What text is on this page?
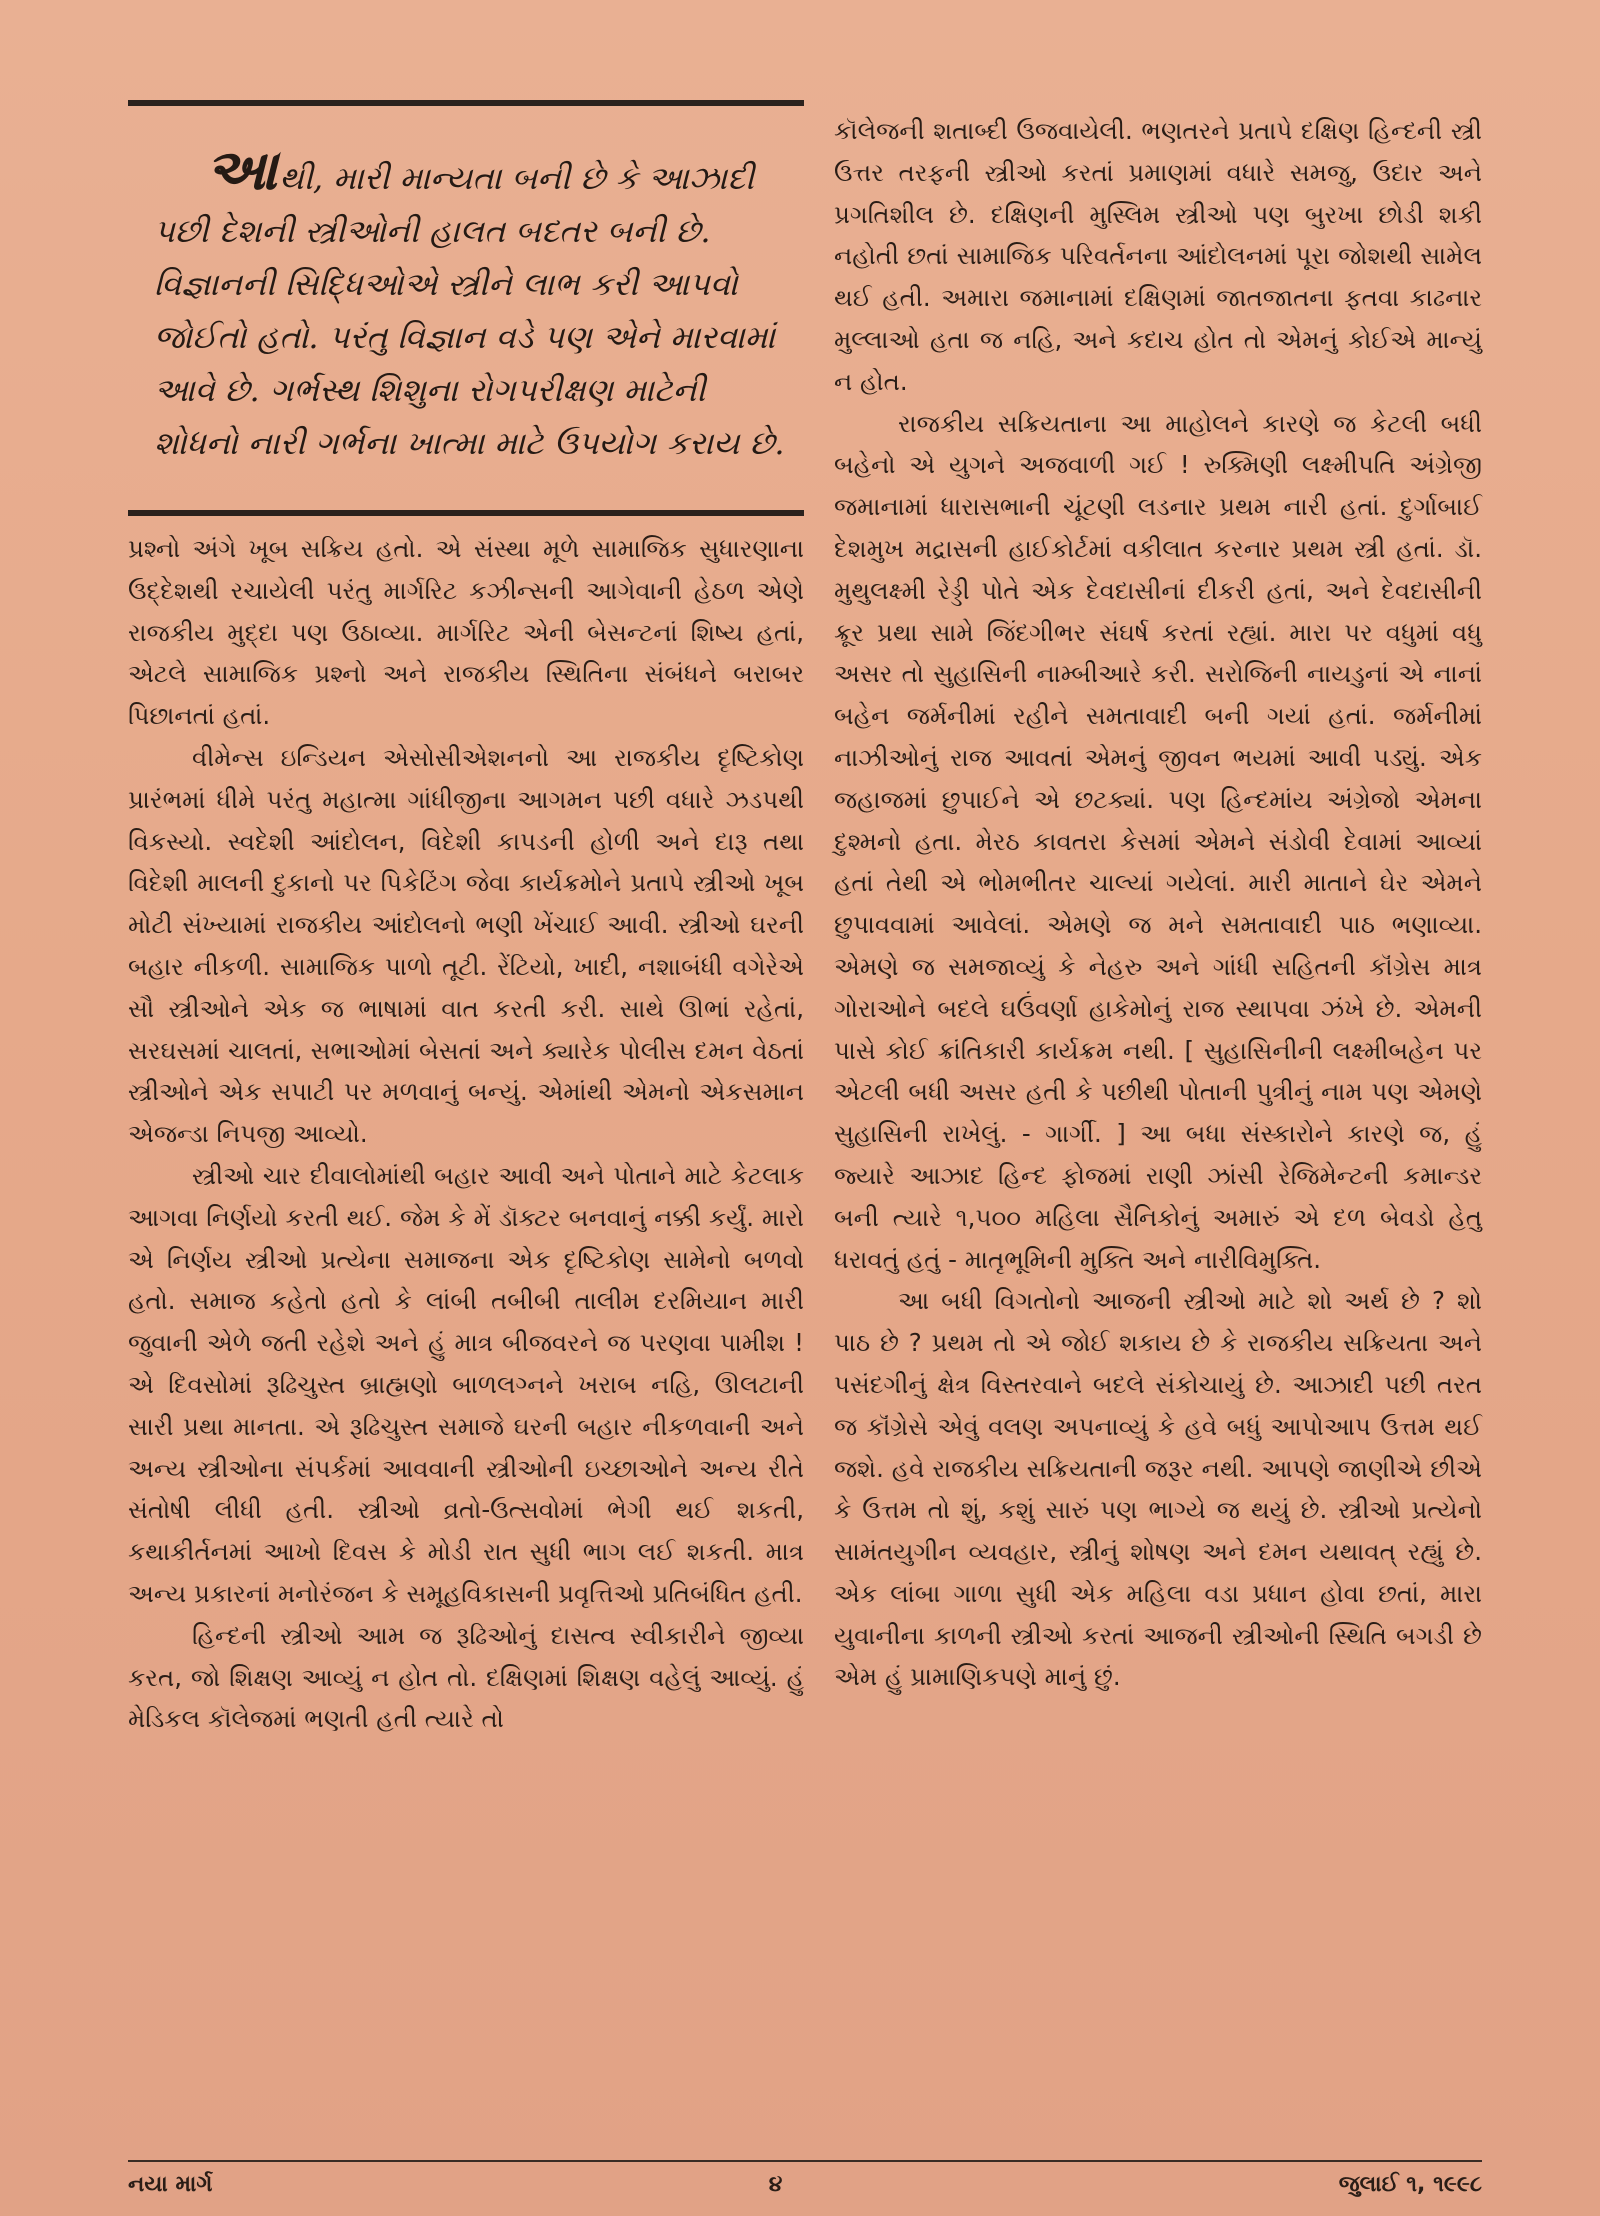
આથી, મારી માન્યતા બની છે કે આઝાદી પછી દેશની સ્ત્રીઓની હાલત બદતર બની છે. વિજ્ઞાનની સિદ્ધિઓએ સ્ત્રીને લાભ કરી આપવો જોઈતો હતો. પરંતુ વિજ્ઞાન વડે પણ એને મારવામાં આવે છે. ગર્ભસ્થ શિશુના રોગપરીક્ષણ માટેની શોધનો નારી ગર્ભના ખાત્મા માટે ઉપયોગ કરાય છે.

પ્રશ્નો અંગે ખૂબ સક્રિય હતો. એ સંસ્થા મૂળે સામાજિક સુધારણાના ઉદ્દેશથી રચાયેલી પરંતુ માર્ગરિટ કઝીન્સની આગેવાની હેઠળ એણે રાજકીય મુદ્દા પણ ઉઠાવ્યા. માર્ગરિટ એની બેસન્ટનાં શિષ્ય હતાં, એટલે સામાજિક પ્રશ્નો અને રાજકીય સ્થિતિના સંબંધને બરાબર પિછાનતાં હતાં.

વીમેન્સ ઇન્ડિયન એસોસીએશનનો આ રાજકીય દૃષ્ટિકોણ પ્રારંભમાં ધીમે પરંતુ મહાત્મા ગાંધીજીના આગમન પછી વધારે ઝડપથી વિકસ્યો. સ્વદેશી આંદોલન, વિદેશી કાપડની હોળી અને દારૂ તથા વિદેશી માલની દુકાનો પર પિકેટિંગ જેવા કાર્યક્રમોને પ્રતાપે સ્ત્રીઓ ખૂબ મોટી સંખ્યામાં રાજકીય આંદોલનો ભણી ખેંચાઈ આવી. સ્ત્રીઓ ઘરની બહાર નીકળી. સામાજિક પાળો તૂટી. રેંટિયો, ખાદી, નશાબંધી વગેરેએ સૌ સ્ત્રીઓને એક જ ભાષામાં વાત કરતી કરી. સાથે ઊભાં રહેતાં, સરઘસમાં ચાલતાં, સભાઓમાં બેસતાં અને ક્યારેક પોલીસ દમન વેઠતાં સ્ત્રીઓને એક સપાટી પર મળવાનું બન્યું. એમાંથી એમનો એકસમાન એજન્ડા નિપજી આવ્યો.

સ્ત્રીઓ ચાર દીવાલોમાંથી બહાર આવી અને પોતાને માટે કેટલાક આગવા નિર્ણયો કરતી થઈ. જેમ કે મેં ડૉક્ટર બનવાનું નક્કી કર્યું. મારો એ નિર્ણય સ્ત્રીઓ પ્રત્યેના સમાજના એક દૃષ્ટિકોણ સામેનો બળવો હતો. સમાજ કહેતો હતો કે લાંબી તબીબી તાલીમ દરમિયાન મારી જુવાની એળે જતી રહેશે અને હું માત્ર બીજવરને જ પરણવા પામીશ ! એ દિવસોમાં રૂઢિચુસ્ત બ્રાહ્મણો બાળલગ્નને ખરાબ નહિ, ઊલટાની સારી પ્રથા માનતા. એ રૂઢિચુસ્ત સમાજે ઘરની બહાર નીકળવાની અને અન્ય સ્ત્રીઓના સંપર્કમાં આવવાની સ્ત્રીઓની ઇચ્છાઓને અન્ય રીતે સંતોષી લીધી હતી. સ્ત્રીઓ વ્રતો-ઉત્સવોમાં ભેગી થઈ શકતી, કથાકીર્તનમાં આખો દિવસ કે મોડી રાત સુધી ભાગ લઈ શકતી. માત્ર અન્ય પ્રકારનાં મનોરંજન કે સમૂહવિકાસની પ્રવૃત્તિઓ પ્રતિબંધિત હતી.

હિન્દની સ્ત્રીઓ આમ જ રૂઢિઓનું દાસત્વ સ્વીકારીને જીવ્યા કરત, જો શિક્ષણ આવ્યું ન હોત તો. દક્ષિણમાં શિક્ષણ વહેલું આવ્યું. હું મેડિકલ કૉલેજમાં ભણતી હતી ત્યારે તો

કૉલેજની શતાબ્દી ઉજવાયેલી. ભણતરને પ્રતાપે દક્ષિણ હિન્દની સ્ત્રી ઉત્તર તરફની સ્ત્રીઓ કરતાં પ્રમાણમાં વધારે સમજુ, ઉદાર અને પ્રગતિશીલ છે. દક્ષિણની મુસ્લિમ સ્ત્રીઓ પણ બુરખા છોડી શકી નહોતી છતાં સામાજિક પરિવર્તનના આંદોલનમાં પૂરા જોશથી સામેલ થઈ હતી. અમારા જમાનામાં દક્ષિણમાં જાતજાતના ફતવા કાઢનાર મુલ્લાઓ હતા જ નહિ, અને કદાચ હોત તો એમનું કોઈએ માન્યું ન હોત.

રાજકીય સક્રિયતાના આ માહોલને કારણે જ કેટલી બધી બહેનો એ યુગને અજવાળી ગઈ ! રુક્મિણી લક્ષ્મીપતિ અંગ્રેજી જમાનામાં ધારાસભાની ચૂંટણી લડનાર પ્રથમ નારી હતાં. દુર્ગાબાઈ દેશમુખ મદ્રાસની હાઈકોર્ટમાં વકીલાત કરનાર પ્રથમ સ્ત્રી હતાં. ડૉ. મુથુલક્ષ્મી રેડ્ડી પોતે એક દેવદાસીનાં દીકરી હતાં, અને દેવદાસીની ક્રૂર પ્રથા સામે જિંદગીભર સંઘર્ષ કરતાં રહ્યાં. મારા પર વધુમાં વધુ અસર તો સુહાસિની નામ્બીઆરે કરી. સરોજિની નાયડુનાં એ નાનાં બહેન જર્મનીમાં રહીને સમતાવાદી બની ગયાં હતાં. જર્મનીમાં નાઝીઓનું રાજ આવતાં એમનું જીવન ભયમાં આવી પડ્યું. એક જહાજમાં છુપાઈને એ છટક્યાં. પણ હિન્દમાંય અંગ્રેજો એમના દુશ્મનો હતા. મેરઠ કાવતરા કેસમાં એમને સંડોવી દેવામાં આવ્યાં હતાં તેથી એ ભોમભીતર ચાલ્યાં ગયેલાં. મારી માતાને ઘેર એમને છુપાવવામાં આવેલાં. એમણે જ મને સમતાવાદી પાઠ ભણાવ્યા. એમણે જ સમજાવ્યું કે નેહરુ અને ગાંધી સહિતની કૉંગ્રેસ માત્ર ગોરાઓને બદલે ઘઉંવર્ણા હાકેમોનું રાજ સ્થાપવા ઝંખે છે. એમની પાસે કોઈ ક્રાંતિકારી કાર્યક્રમ નથી. [ સુહાસિનીની લક્ષ્મીબહેન પર એટલી બધી અસર હતી કે પછીથી પોતાની પુત્રીનું નામ પણ એમણે સુહાસિની રાખેલું. - ગાર્ગી. ] આ બધા સંસ્કારોને કારણે જ, હું જ્યારે આઝાદ હિન્દ ફોજમાં રાણી ઝાંસી રેજિમેન્ટની કમાન્ડર બની ત્યારે ૧,૫૦૦ મહિલા સૈનિકોનું અમારું એ દળ બેવડો હેતુ ધરાવતું હતું - માતૃભૂમિની મુક્તિ અને નારીવિમુક્તિ.

આ બધી વિગતોનો આજની સ્ત્રીઓ માટે શો અર્થ છે ? શો પાઠ છે ? પ્રથમ તો એ જોઈ શકાય છે કે રાજકીય સક્રિયતા અને પસંદગીનું ક્ષેત્ર વિસ્તરવાને બદલે સંકોચાયું છે. આઝાદી પછી તરત જ કૉંગ્રેસે એવું વલણ અપનાવ્યું કે હવે બધું આપોઆપ ઉત્તમ થઈ જશે. હવે રાજકીય સક્રિયતાની જરૂર નથી. આપણે જાણીએ છીએ કે ઉત્તમ તો શું, કશું સારું પણ ભાગ્યે જ થયું છે. સ્ત્રીઓ પ્રત્યેનો સામંતયુગીન વ્યવહાર, સ્ત્રીનું શોષણ અને દમન યથાવત્ રહ્યું છે. એક લાંબા ગાળા સુધી એક મહિલા વડા પ્રધાન હોવા છતાં, મારા યુવાનીના કાળની સ્ત્રીઓ કરતાં આજની સ્ત્રીઓની સ્થિતિ બગડી છે એમ હું પ્રામાણિકપણે માનું છું.

નયા માર્ગ	૪	જુલાઈ ૧, ૧૯૯૮
